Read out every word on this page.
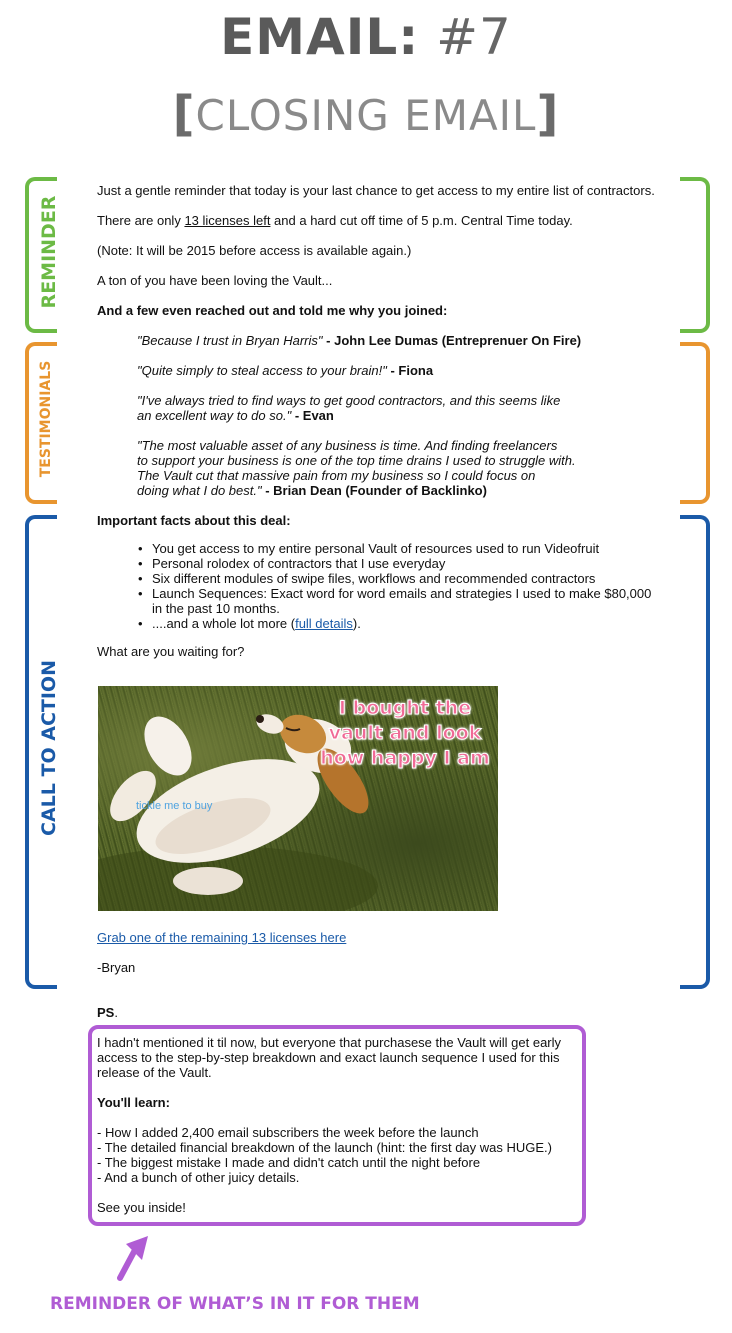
EMAIL: #7
[CLOSING EMAIL]
REMINDER
TESTIMONIALS
CALL TO ACTION

Just a gentle reminder that today is your last chance to get access to my entire list of contractors.

There are only 13 licenses left and a hard cut off time of 5 p.m. Central Time today.

(Note: It will be 2015 before access is available again.)

A ton of you have been loving the Vault...

And a few even reached out and told me why you joined:

"Because I trust in Bryan Harris" - John Lee Dumas (Entreprenuer On Fire)

"Quite simply to steal access to your brain!" - Fiona

"I've always tried to find ways to get good contractors, and this seems like

an excellent way to do so." - Evan

"The most valuable asset of any business is time. And finding freelancers

to support your business is one of the top time drains I used to struggle with.

The Vault cut that massive pain from my business so I could focus on

doing what I do best." - Brian Dean (Founder of Backlinko)

Important facts about this deal:

• You get access to my entire personal Vault of resources used to run Videofruit
• Personal rolodex of contractors that I use everyday
• Six different modules of swipe files, workflows and recommended contractors
• Launch Sequences: Exact word for word emails and strategies I used to make $80,000
in the past 10 months.
• ....and a whole lot more (full details).

What are you waiting for?

I bought the
vault and look
how happy I am
tickle me to buy

Grab one of the remaining 13 licenses here

-Bryan

PS.

I hadn't mentioned it til now, but everyone that purchasese the Vault will get early

access to the step-by-step breakdown and exact launch sequence I used for this

release of the Vault.

You'll learn:

- How I added 2,400 email subscribers the week before the launch

- The detailed financial breakdown of the launch (hint: the first day was HUGE.)

- The biggest mistake I made and didn't catch until the night before

- And a bunch of other juicy details.

See you inside!

REMINDER OF WHAT’S IN IT FOR THEM
